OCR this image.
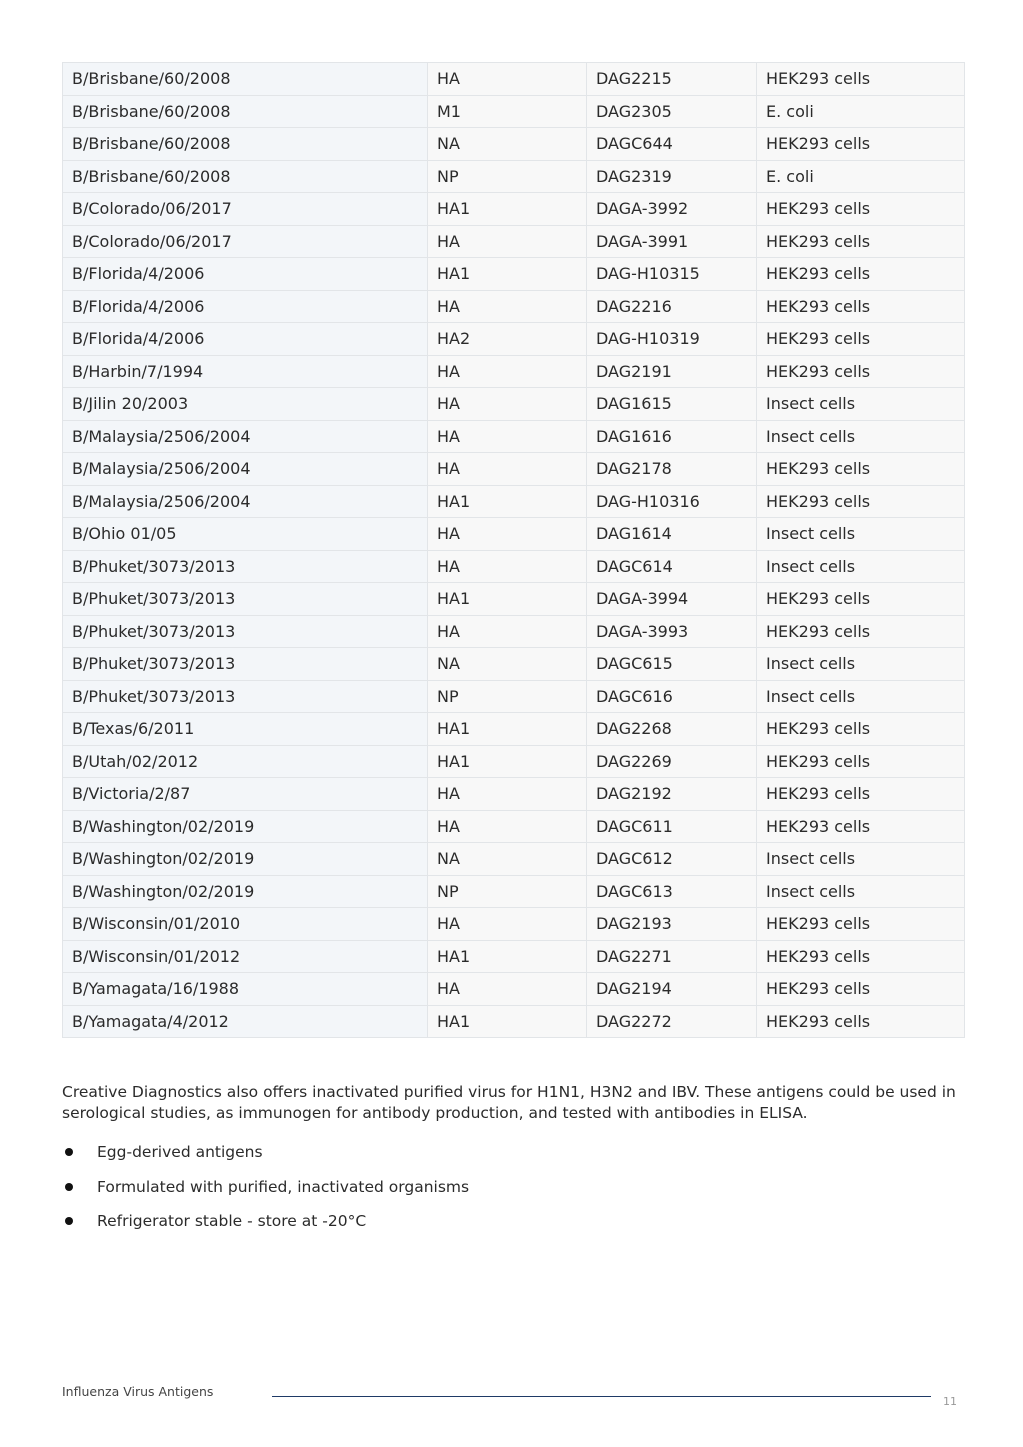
B/Brisbane/60/2008	HA	DAG2215	HEK293 cells
B/Brisbane/60/2008	M1	DAG2305	E. coli
B/Brisbane/60/2008	NA	DAGC644	HEK293 cells
B/Brisbane/60/2008	NP	DAG2319	E. coli
B/Colorado/06/2017	HA1	DAGA-3992	HEK293 cells
B/Colorado/06/2017	HA	DAGA-3991	HEK293 cells
B/Florida/4/2006	HA1	DAG-H10315	HEK293 cells
B/Florida/4/2006	HA	DAG2216	HEK293 cells
B/Florida/4/2006	HA2	DAG-H10319	HEK293 cells
B/Harbin/7/1994	HA	DAG2191	HEK293 cells
B/Jilin 20/2003	HA	DAG1615	Insect cells
B/Malaysia/2506/2004	HA	DAG1616	Insect cells
B/Malaysia/2506/2004	HA	DAG2178	HEK293 cells
B/Malaysia/2506/2004	HA1	DAG-H10316	HEK293 cells
B/Ohio 01/05	HA	DAG1614	Insect cells
B/Phuket/3073/2013	HA	DAGC614	Insect cells
B/Phuket/3073/2013	HA1	DAGA-3994	HEK293 cells
B/Phuket/3073/2013	HA	DAGA-3993	HEK293 cells
B/Phuket/3073/2013	NA	DAGC615	Insect cells
B/Phuket/3073/2013	NP	DAGC616	Insect cells
B/Texas/6/2011	HA1	DAG2268	HEK293 cells
B/Utah/02/2012	HA1	DAG2269	HEK293 cells
B/Victoria/2/87	HA	DAG2192	HEK293 cells
B/Washington/02/2019	HA	DAGC611	HEK293 cells
B/Washington/02/2019	NA	DAGC612	Insect cells
B/Washington/02/2019	NP	DAGC613	Insect cells
B/Wisconsin/01/2010	HA	DAG2193	HEK293 cells
B/Wisconsin/01/2012	HA1	DAG2271	HEK293 cells
B/Yamagata/16/1988	HA	DAG2194	HEK293 cells
B/Yamagata/4/2012	HA1	DAG2272	HEK293 cells

Creative Diagnostics also offers inactivated purified virus for H1N1, H3N2 and IBV. These antigens could be used in serological studies, as immunogen for antibody production, and tested with antibodies in ELISA.

Egg-derived antigens
Formulated with purified, inactivated organisms
Refrigerator stable - store at -20°C
Influenza Virus Antigens
11
